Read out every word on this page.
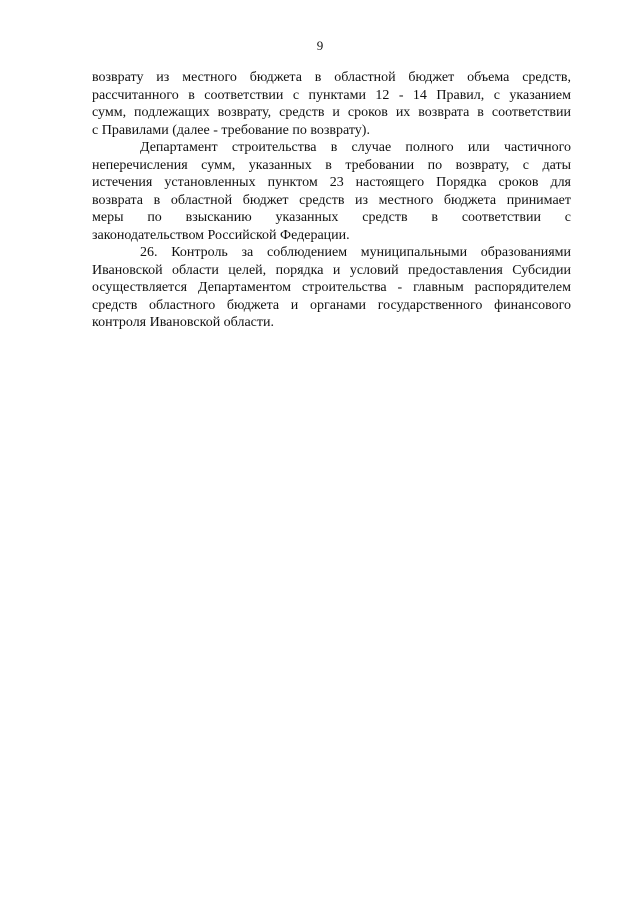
9
возврату из местного бюджета в областной бюджет объема средств,
рассчитанного в соответствии с пунктами 12 - 14 Правил, с указанием
сумм, подлежащих возврату, средств и сроков их возврата в соответствии
с Правилами (далее - требование по возврату).
Департамент строительства в случае полного или частичного
неперечисления сумм, указанных в требовании по возврату, с даты
истечения установленных пунктом 23 настоящего Порядка сроков для
возврата в областной бюджет средств из местного бюджета принимает
меры по взысканию указанных средств в соответствии с
законодательством Российской Федерации.
26. Контроль за соблюдением муниципальными образованиями
Ивановской области целей, порядка и условий предоставления Субсидии
осуществляется Департаментом строительства - главным распорядителем
средств областного бюджета и органами государственного финансового
контроля Ивановской области.
